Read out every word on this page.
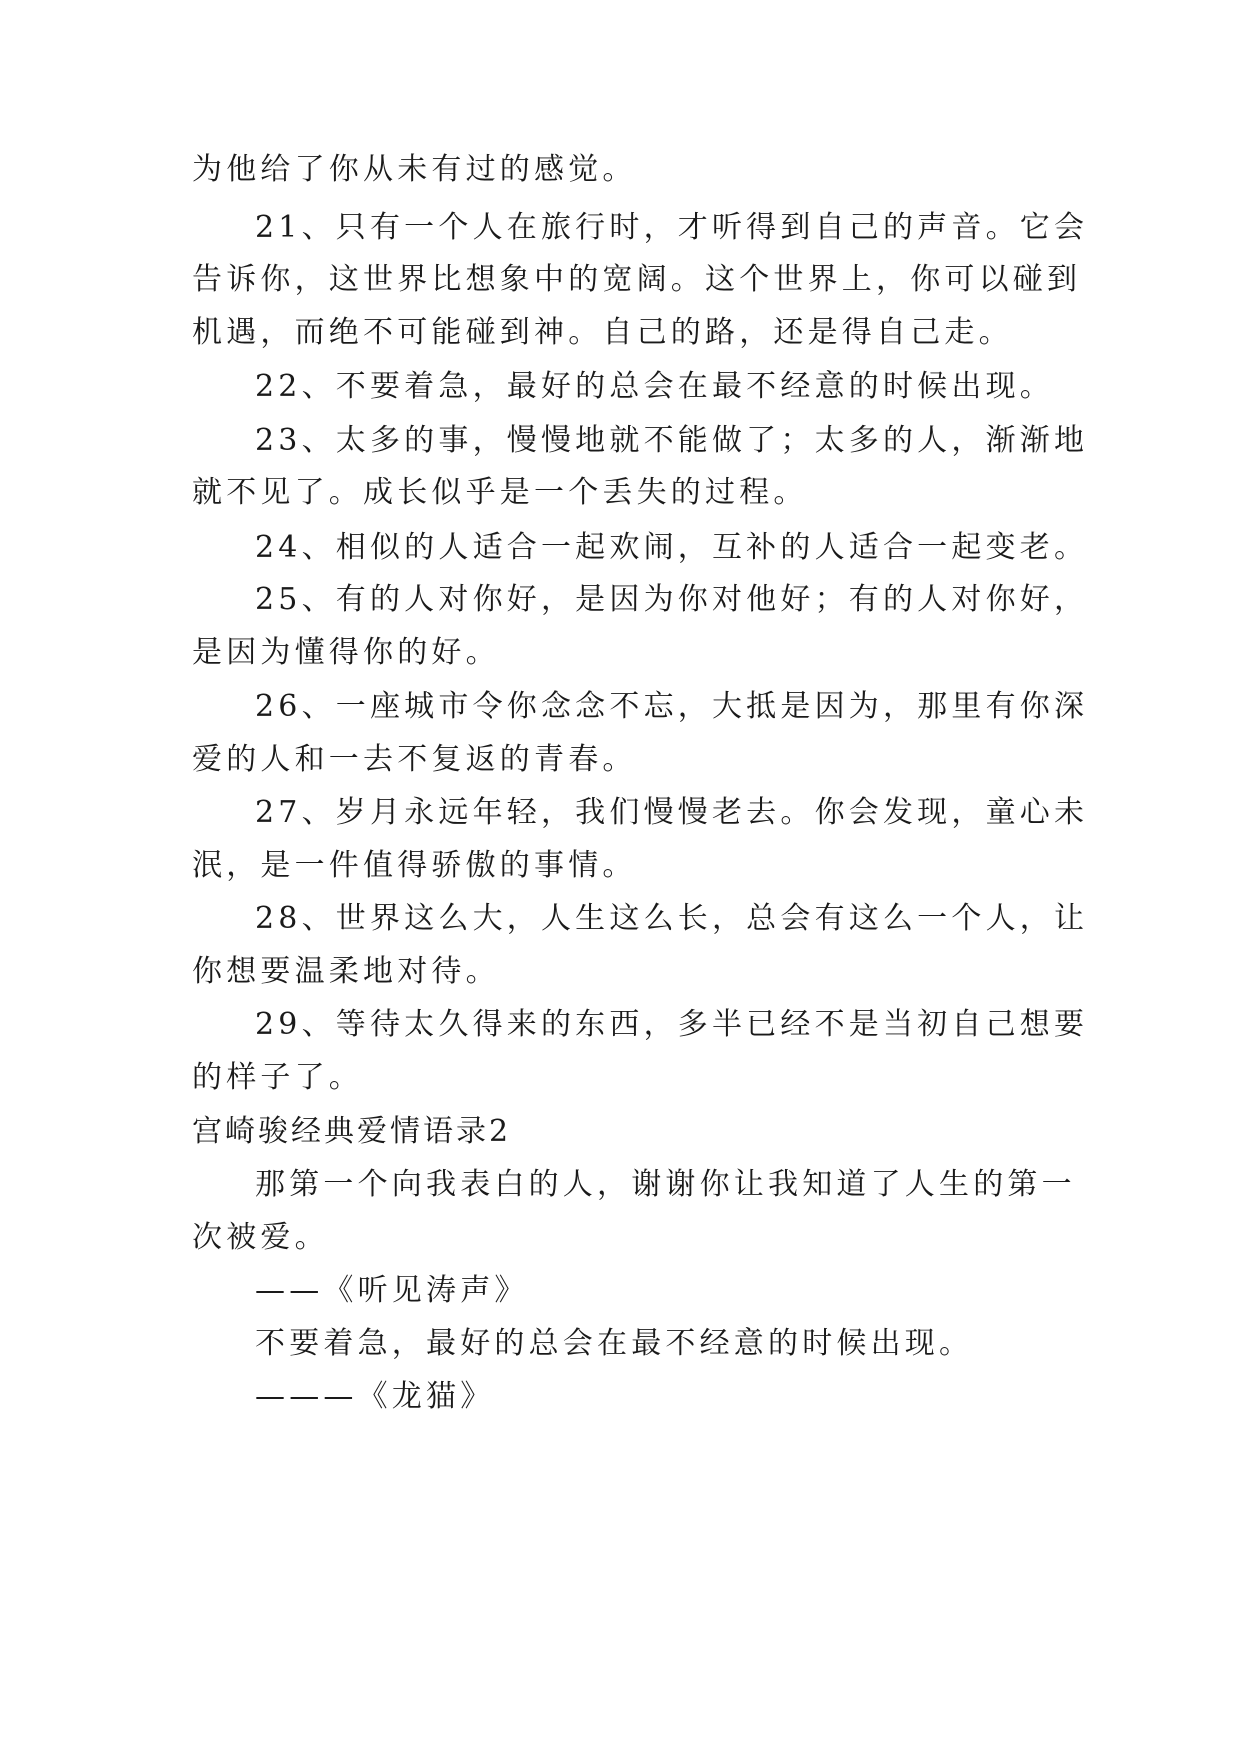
为他给了你从未有过的感觉。
21、只有一个人在旅行时，才听得到自己的声音。它会
告诉你，这世界比想象中的宽阔。这个世界上，你可以碰到
机遇，而绝不可能碰到神。自己的路，还是得自己走。
22、不要着急，最好的总会在最不经意的时候出现。
23、太多的事，慢慢地就不能做了；太多的人，渐渐地
就不见了。成长似乎是一个丢失的过程。
24、相似的人适合一起欢闹，互补的人适合一起变老。
25、有的人对你好，是因为你对他好；有的人对你好，
是因为懂得你的好。
26、一座城市令你念念不忘，大抵是因为，那里有你深
爱的人和一去不复返的青春。
27、岁月永远年轻，我们慢慢老去。你会发现，童心未
泯，是一件值得骄傲的事情。
28、世界这么大，人生这么长，总会有这么一个人，让
你想要温柔地对待。
29、等待太久得来的东西，多半已经不是当初自己想要
的样子了。
宫崎骏经典爱情语录2
那第一个向我表白的人，谢谢你让我知道了人生的第一
次被爱。
——《听见涛声》
不要着急，最好的总会在最不经意的时候出现。
———《龙猫》
